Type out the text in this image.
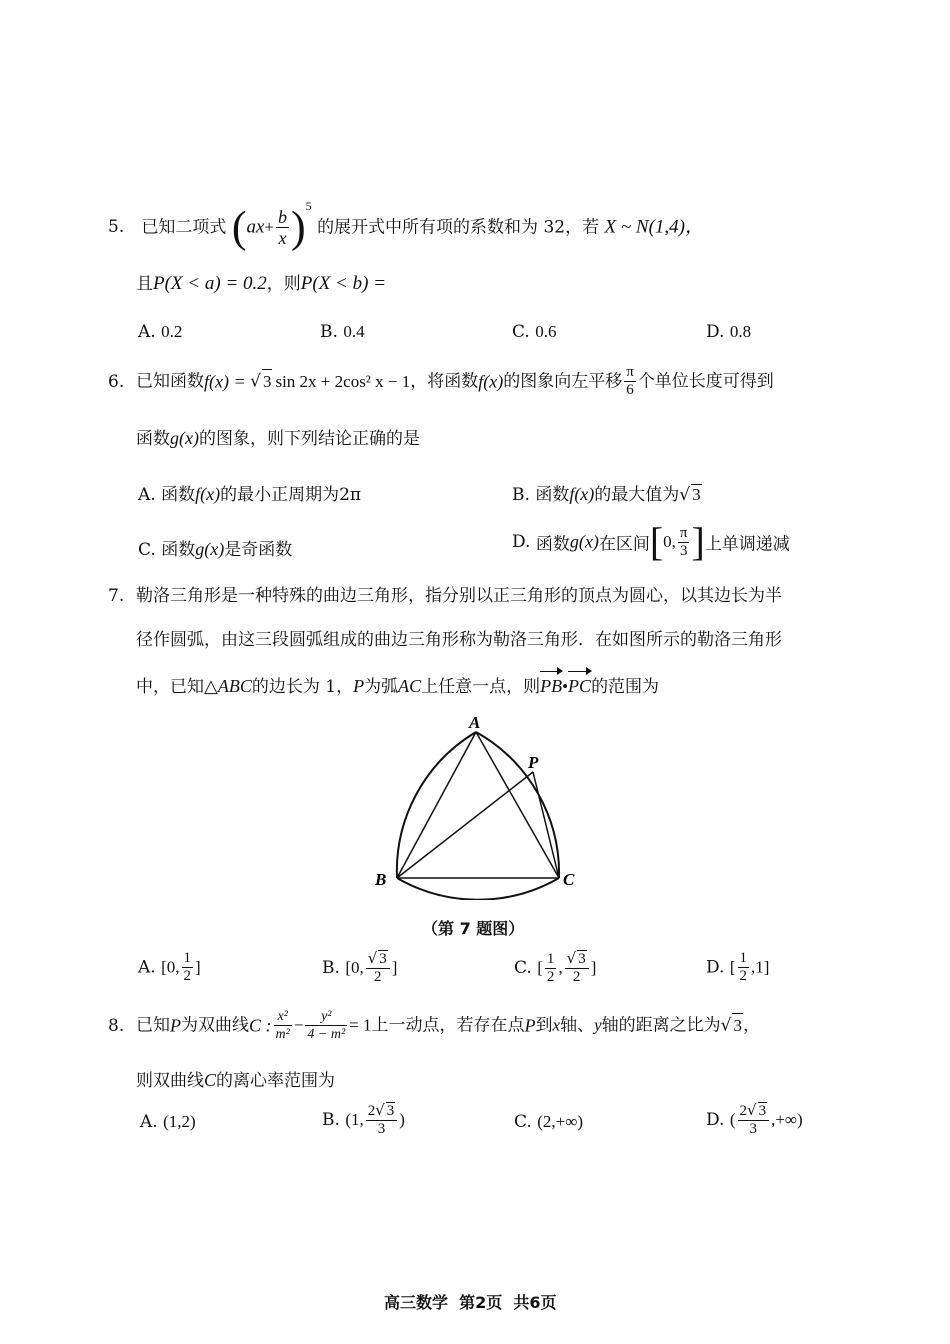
5. 已知二项式 $(ax+ \frac{b}{x} )^5$ 的展开式中所有项的系数和为 32，若 X ~ N(1,4)，
且P(X < a) = 0.2，则P(X < b) =
A. 0.2	B. 0.4	C. 0.6	D. 0.8
6. 已知函数f(x) = √ 3 sin 2x + 2cos² x − 1，将函数f(x)的图象向左平移 $\frac{\pi}{6}$ 个单位长度可得到
函数g(x)的图象，则下列结论正确的是
A. 函数f(x)的最小正周期为2π	B. 函数f(x)的最大值为√ 3
C. 函数g(x)是奇函数	D. 函数g(x)在区间[0, $\frac{\pi}{3}$ ]上单调递减
7. 勒洛三角形是一种特殊的曲边三角形，指分别以正三角形的顶点为圆心，以其边长为半
径作圆弧，由这三段圆弧组成的曲边三角形称为勒洛三角形．在如图所示的勒洛三角形
中，已知△ABC的边长为 1，P为弧AC上任意一点，则PB•PC的范围为
A
B	C
P
（第 7 题图）
A. [0, $\frac{1}{2}$ ]	B. [0, $\frac{√ 3}{2}$ ]	C. [ $\frac{1}{2}$ , $\frac{√ 3}{2}$ ]	D. [ $\frac{1}{2} ,1$]
8. 已知P为双曲线C : $\frac{\text{x²}}{\text{m²}} - \frac{\text{y²}}{\text{4 − m²}} = 1$上一动点，若存在点P到x轴、y轴的距离之比为√ 3，
则双曲线C的离心率范围为
A. (1,2)	B. (1, $\frac{2√ 3}{3}$ )	C. (2,+∞)	D. ( $\frac{2√ 3}{3}$ ,+∞)
高三数学  第2页  共6页
